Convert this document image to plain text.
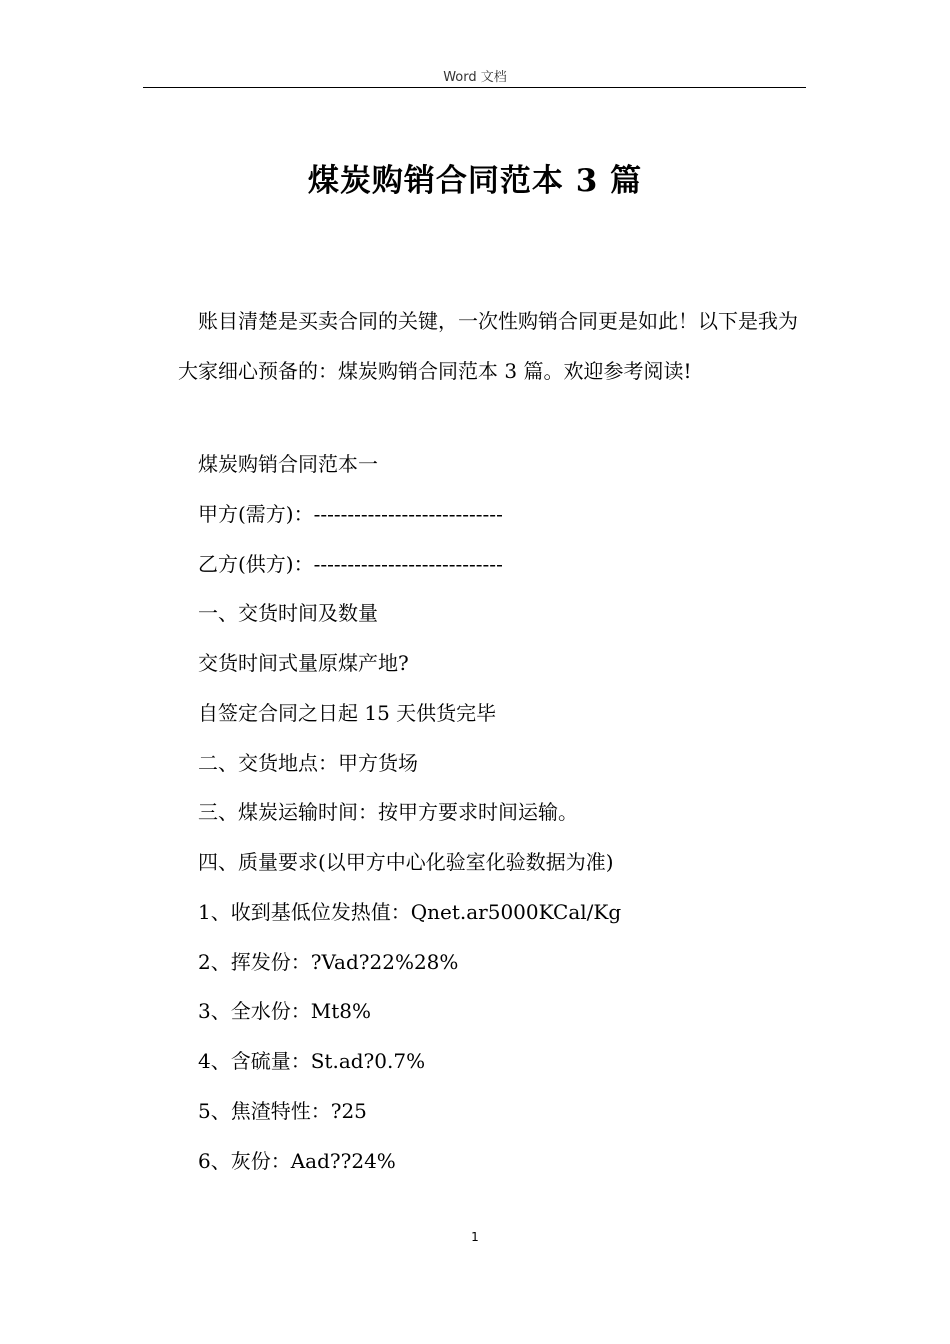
Word 文档
煤炭购销合同范本 3 篇

账目清楚是买卖合同的关键，一次性购销合同更是如此！以下是我为大家细心预备的：煤炭购销合同范本 3 篇。欢迎参考阅读!

煤炭购销合同范本一
甲方(需方)：----------------------------
乙方(供方)：----------------------------
一、交货时间及数量
交货时间式量原煤产地?
自签定合同之日起 15 天供货完毕
二、交货地点：甲方货场
三、煤炭运输时间：按甲方要求时间运输。
四、质量要求(以甲方中心化验室化验数据为准)
1、收到基低位发热值：Qnet.ar5000KCal/Kg
2、挥发份：?Vad?22%28%
3、全水份：Mt8%
4、含硫量：St.ad?0.7%
5、焦渣特性：?25
6、灰份：Aad??24%
1
